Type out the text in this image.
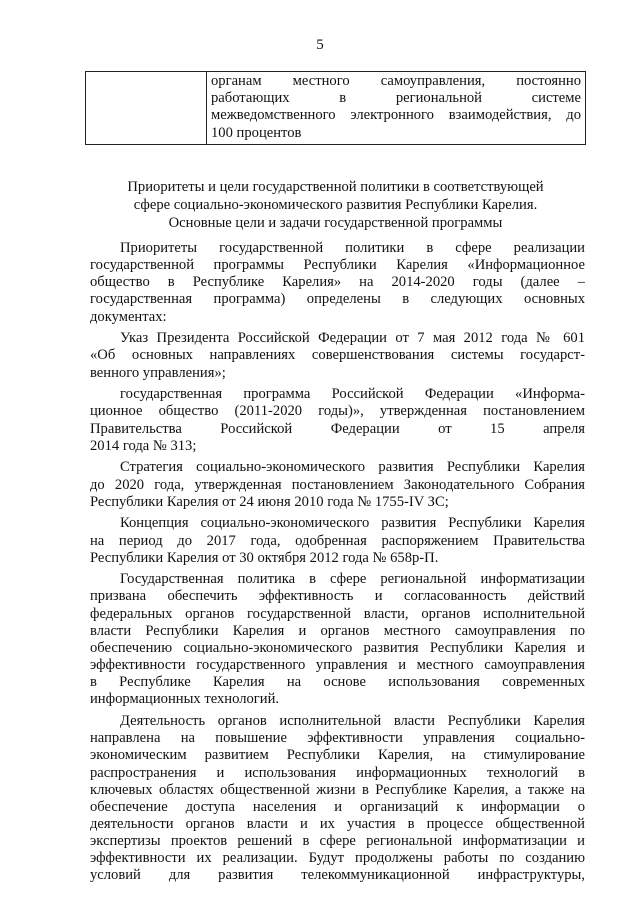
5

органам местного самоуправления, постоянно
работающих в региональной системе
межведомственного электронного взаимодействия, до
100 процентов
Приоритеты и цели государственной политики в соответствующей
сфере социально-экономического развития Республики Карелия.
Основные цели и задачи государственной программы

Приоритеты государственной политики в сфере реализации
государственной программы Республики Карелия «Информационное
общество в Республике Карелия» на 2014-2020 годы (далее –
государственная программа) определены в следующих основных
документах:

Указ Президента Российской Федерации от 7 мая 2012 года № 601
«Об основных направлениях совершенствования системы государст-
венного управления»;

государственная программа Российской Федерации «Информа-
ционное общество (2011-2020 годы)», утвержденная постановлением
Правительства Российской Федерации от 15 апреля
2014 года № 313;

Стратегия социально-экономического развития Республики Карелия
до 2020 года, утвержденная постановлением Законодательного Собрания
Республики Карелия от 24 июня 2010 года № 1755-IV ЗС;

Концепция социально-экономического развития Республики Карелия
на период до 2017 года, одобренная распоряжением Правительства
Республики Карелия от 30 октября 2012 года № 658р-П.

Государственная политика в сфере региональной информатизации
призвана обеспечить эффективность и согласованность действий
федеральных органов государственной власти, органов исполнительной
власти Республики Карелия и органов местного самоуправления по
обеспечению социально-экономического развития Республики Карелия и
эффективности государственного управления и местного самоуправления
в Республике Карелия на основе использования современных
информационных технологий.

Деятельность органов исполнительной власти Республики Карелия
направлена на повышение эффективности управления социально-
экономическим развитием Республики Карелия, на стимулирование
распространения и использования информационных технологий в
ключевых областях общественной жизни в Республике Карелия, а также на
обеспечение доступа населения и организаций к информации о
деятельности органов власти и их участия в процессе общественной
экспертизы проектов решений в сфере региональной информатизации и
эффективности их реализации. Будут продолжены работы по созданию
условий для развития телекоммуникационной инфраструктуры,
